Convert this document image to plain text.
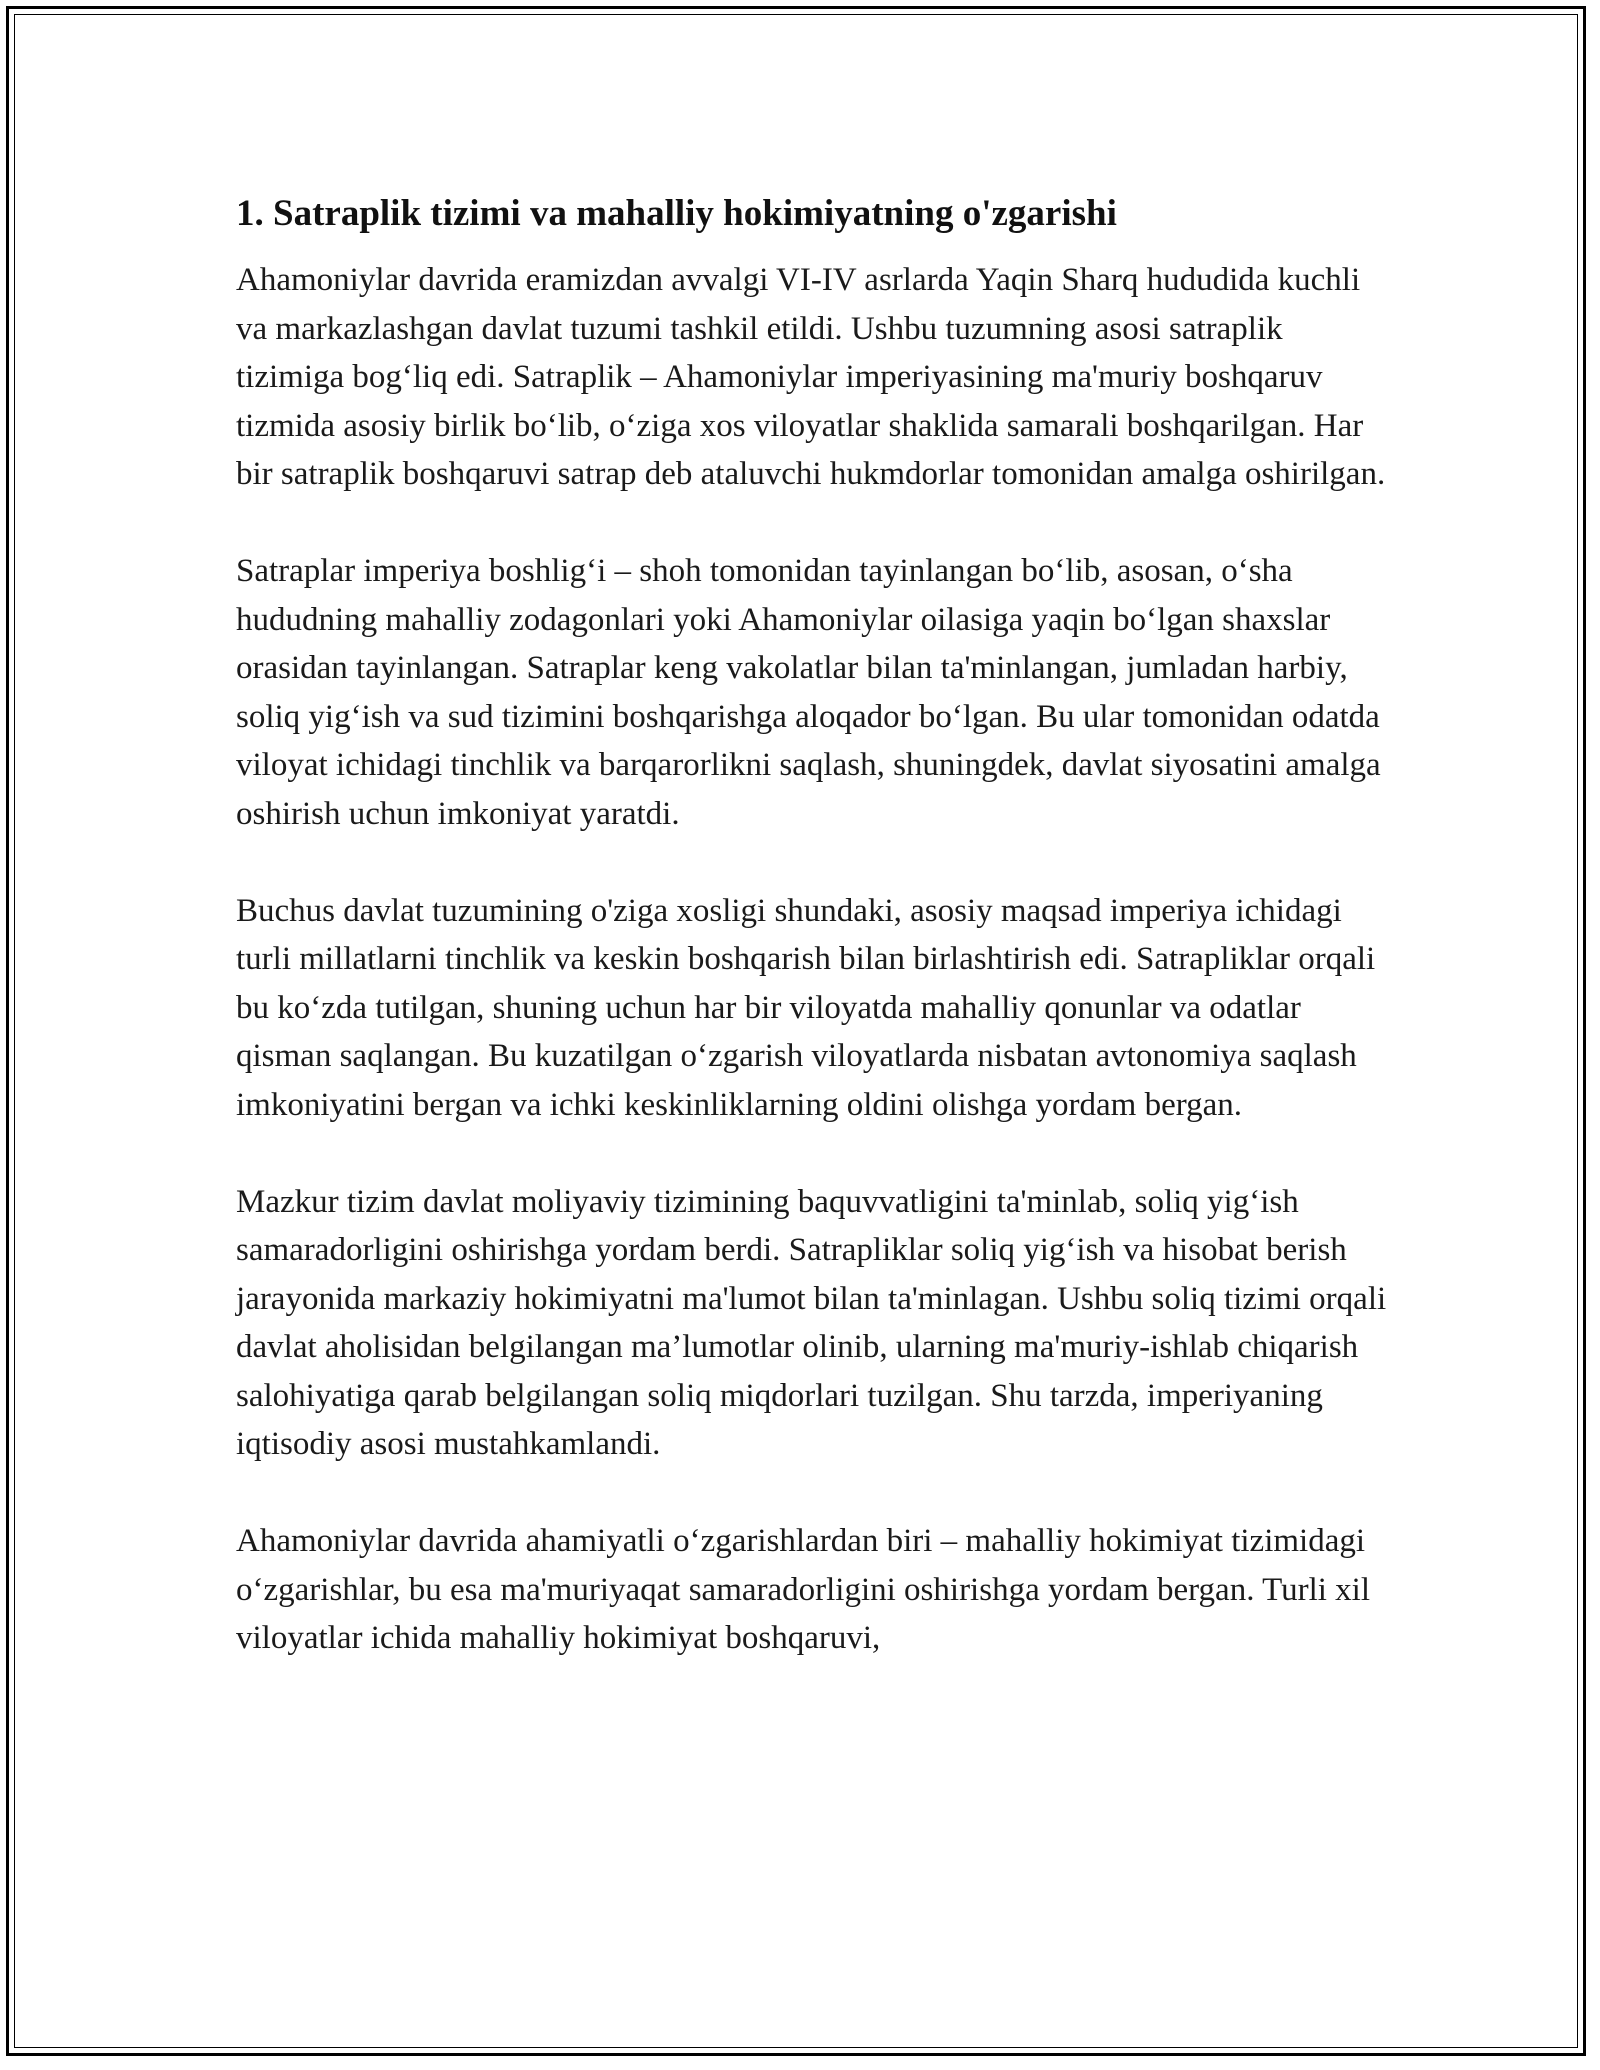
1. Satraplik tizimi va mahalliy hokimiyatning o'zgarishi

Ahamoniylar davrida eramizdan avvalgi VI-IV asrlarda Yaqin Sharq hududida kuchli va markazlashgan davlat tuzumi tashkil etildi. Ushbu tuzumning asosi satraplik tizimiga bog‘liq edi. Satraplik – Ahamoniylar imperiyasining ma'muriy boshqaruv tizmida asosiy birlik bo‘lib, o‘ziga xos viloyatlar shaklida samarali boshqarilgan. Har bir satraplik boshqaruvi satrap deb ataluvchi hukmdorlar tomonidan amalga oshirilgan.

Satraplar imperiya boshlig‘i – shoh tomonidan tayinlangan bo‘lib, asosan, o‘sha hududning mahalliy zodagonlari yoki Ahamoniylar oilasiga yaqin bo‘lgan shaxslar orasidan tayinlangan. Satraplar keng vakolatlar bilan ta'minlangan, jumladan harbiy, soliq yig‘ish va sud tizimini boshqarishga aloqador bo‘lgan. Bu ular tomonidan odatda viloyat ichidagi tinchlik va barqarorlikni saqlash, shuningdek, davlat siyosatini amalga oshirish uchun imkoniyat yaratdi.

Buchus davlat tuzumining o'ziga xosligi shundaki, asosiy maqsad imperiya ichidagi turli millatlarni tinchlik va keskin boshqarish bilan birlashtirish edi. Satrapliklar orqali bu ko‘zda tutilgan, shuning uchun har bir viloyatda mahalliy qonunlar va odatlar qisman saqlangan. Bu kuzatilgan o‘zgarish viloyatlarda nisbatan avtonomiya saqlash imkoniyatini bergan va ichki keskinliklarning oldini olishga yordam bergan.

Mazkur tizim davlat moliyaviy tizimining baquvvatligini ta'minlab, soliq yig‘ish samaradorligini oshirishga yordam berdi. Satrapliklar soliq yig‘ish va hisobat berish jarayonida markaziy hokimiyatni ma'lumot bilan ta'minlagan. Ushbu soliq tizimi orqali davlat aholisidan belgilangan ma’lumotlar olinib, ularning ma'muriy-ishlab chiqarish salohiyatiga qarab belgilangan soliq miqdorlari tuzilgan. Shu tarzda, imperiyaning iqtisodiy asosi mustahkamlandi.

Ahamoniylar davrida ahamiyatli o‘zgarishlardan biri – mahalliy hokimiyat tizimidagi o‘zgarishlar, bu esa ma'muriyaqat samaradorligini oshirishga yordam bergan. Turli xil viloyatlar ichida mahalliy hokimiyat boshqaruvi,
